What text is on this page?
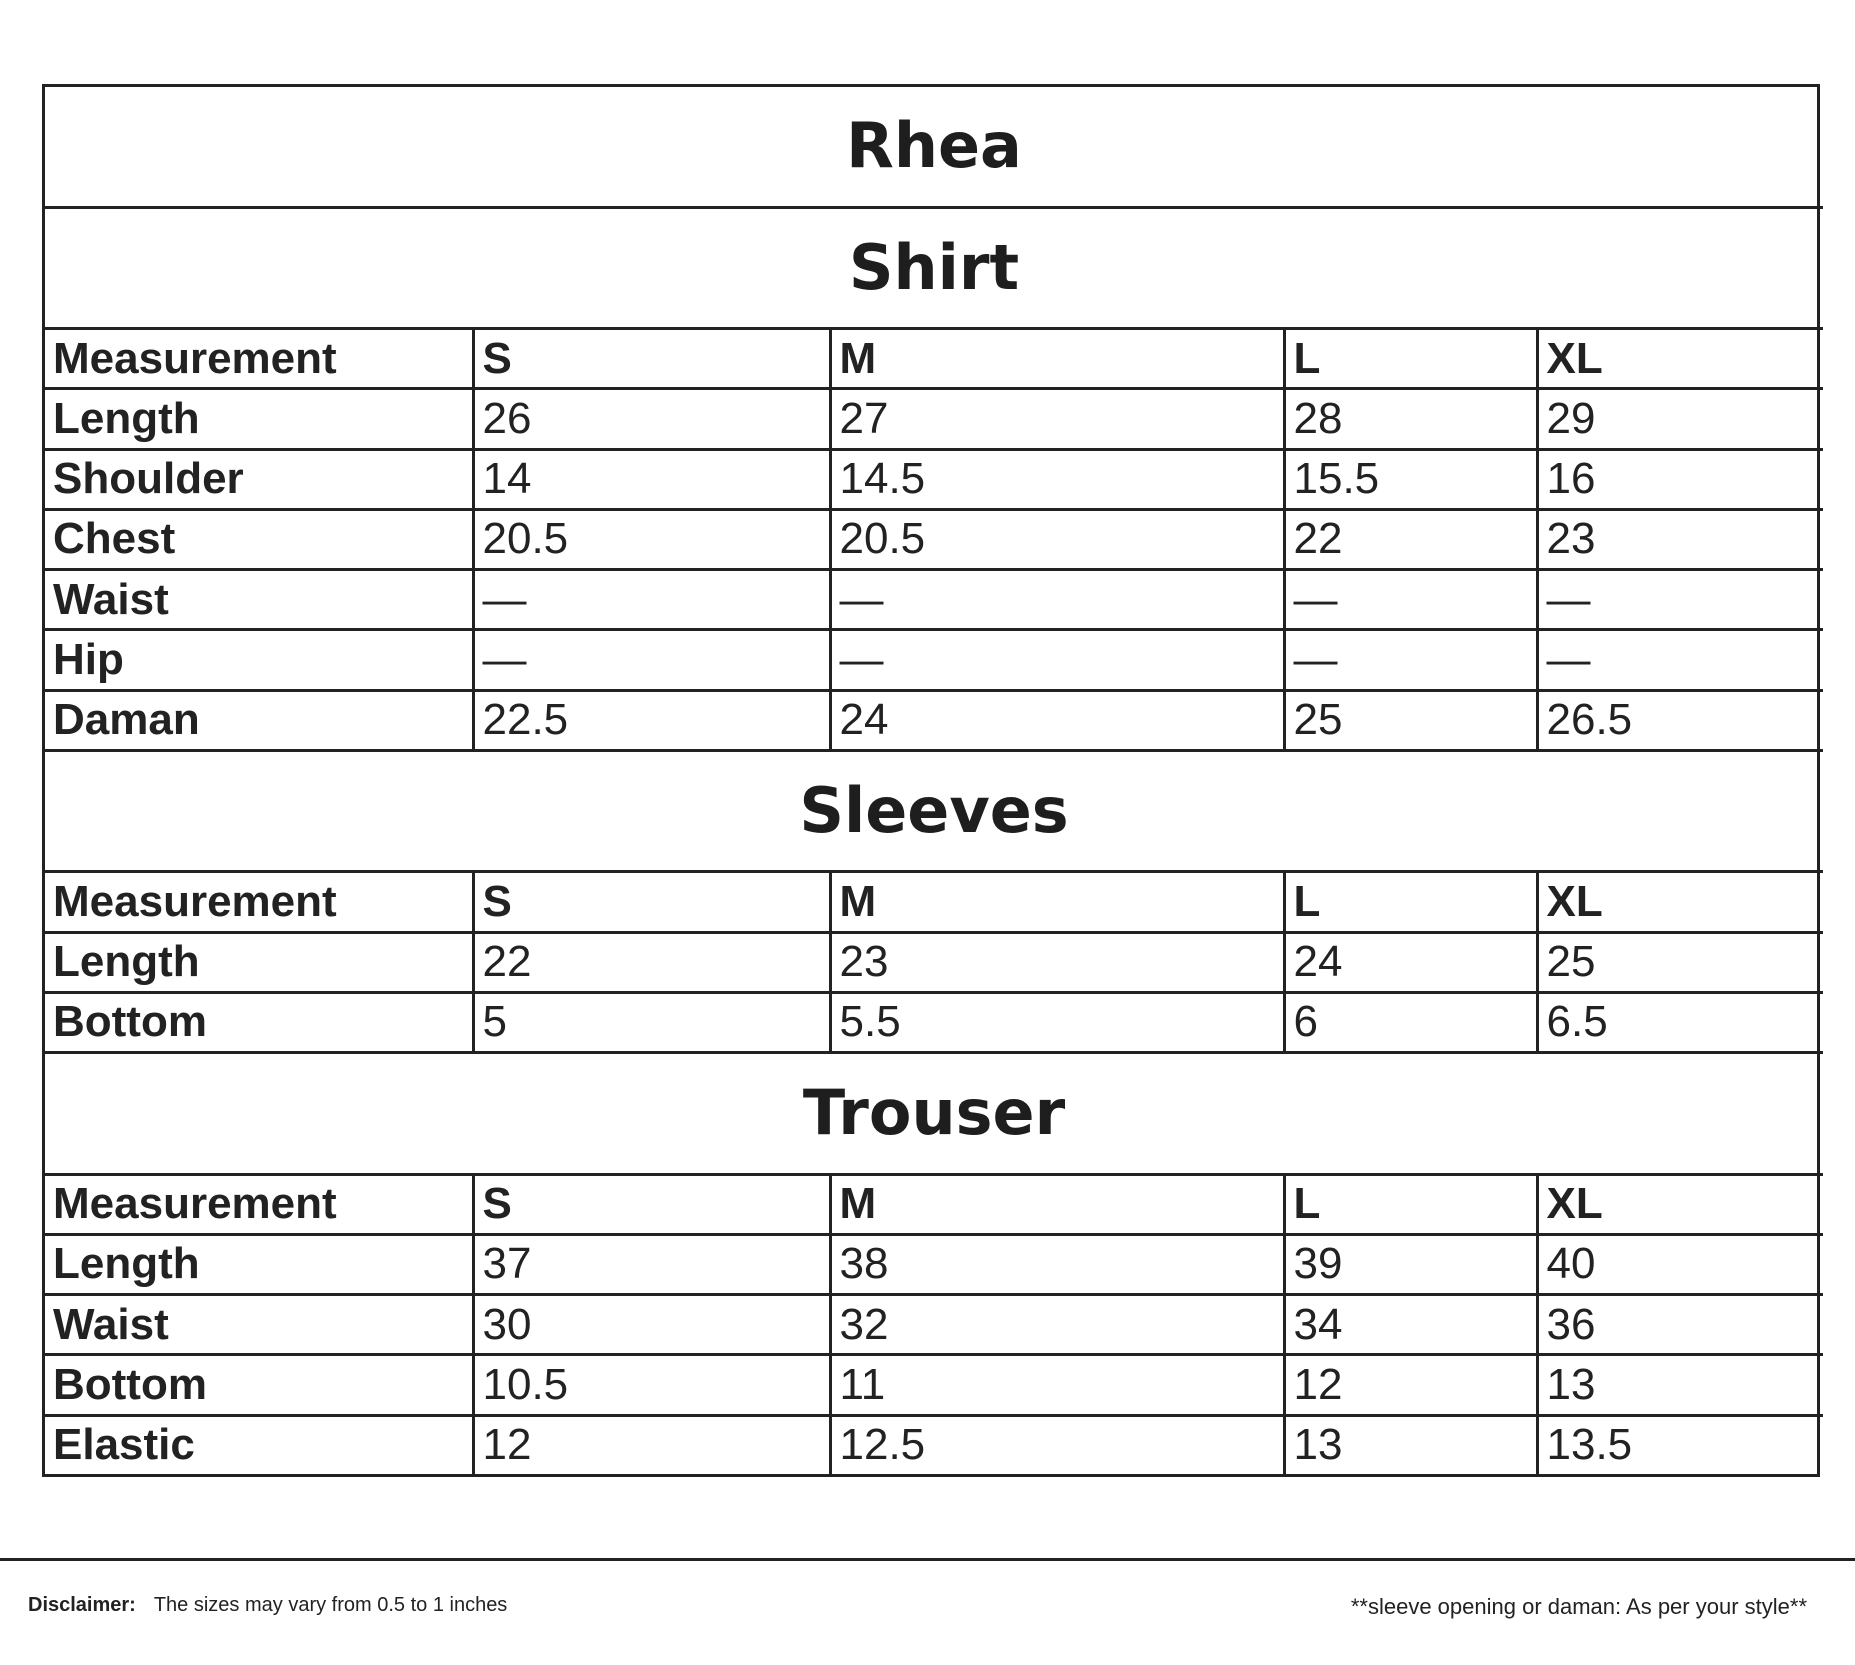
Rhea				
Shirt				
Measurement	S	M	L	XL
Length	26	27	28	29
Shoulder	14	14.5	15.5	16
Chest	20.5	20.5	22	23
Waist	—	—	—	—
Hip	—	—	—	—
Daman	22.5	24	25	26.5
Sleeves				
Measurement	S	M	L	XL
Length	22	23	24	25
Bottom	5	5.5	6	6.5
Trouser				
Measurement	S	M	L	XL
Length	37	38	39	40
Waist	30	32	34	36
Bottom	10.5	11	12	13
Elastic	12	12.5	13	13.5
Disclaimer: The sizes may vary from 0.5 to 1 inches	**sleeve opening or daman: As per your style**
